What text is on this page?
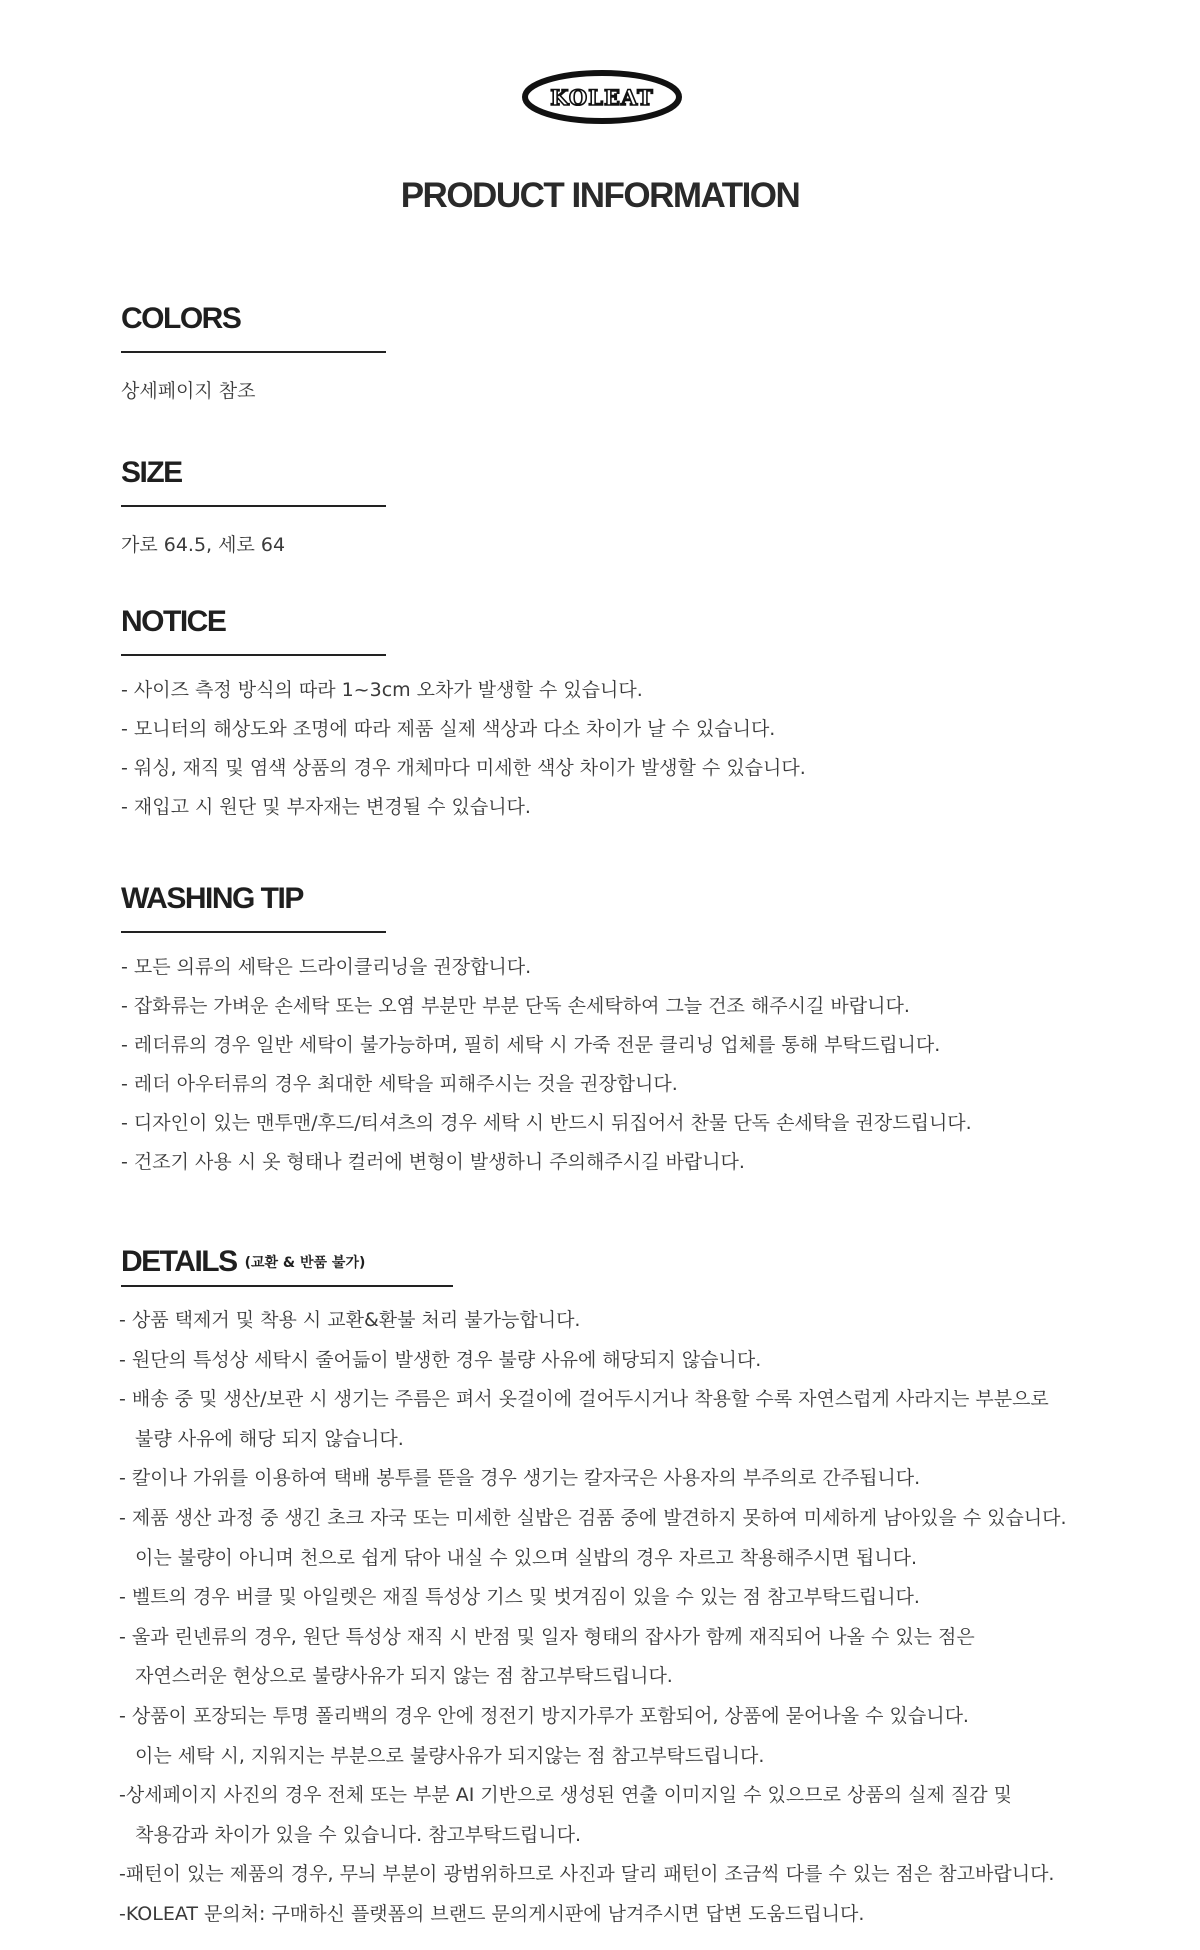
KOLEAT
PRODUCT INFORMATION
COLORS
상세페이지 참조
SIZE
가로 64.5, 세로 64
NOTICE
- 사이즈 측정 방식의 따라 1~3cm 오차가 발생할 수 있습니다.
- 모니터의 해상도와 조명에 따라 제품 실제 색상과 다소 차이가 날 수 있습니다.
- 워싱, 재직 및 염색 상품의 경우 개체마다 미세한 색상 차이가 발생할 수 있습니다.
- 재입고 시 원단 및 부자재는 변경될 수 있습니다.
WASHING TIP
- 모든 의류의 세탁은 드라이클리닝을 권장합니다.
- 잡화류는 가벼운 손세탁 또는 오염 부분만 부분 단독 손세탁하여 그늘 건조 해주시길 바랍니다.
- 레더류의 경우 일반 세탁이 불가능하며, 필히 세탁 시 가죽 전문 클리닝 업체를 통해 부탁드립니다.
- 레더 아우터류의 경우 최대한 세탁을 피해주시는 것을 권장합니다.
- 디자인이 있는 맨투맨/후드/티셔츠의 경우 세탁 시 반드시 뒤집어서 찬물 단독 손세탁을 권장드립니다.
- 건조기 사용 시 옷 형태나 컬러에 변형이 발생하니 주의해주시길 바랍니다.
DETAILS $^{(교환 \& 반품 불가)}$
- 상품 택제거 및 착용 시 교환&환불 처리 불가능합니다.
- 원단의 특성상 세탁시 줄어듦이 발생한 경우 불량 사유에 해당되지 않습니다.
- 배송 중 및 생산/보관 시 생기는 주름은 펴서 옷걸이에 걸어두시거나 착용할 수록 자연스럽게 사라지는 부분으로
불량 사유에 해당 되지 않습니다.
- 칼이나 가위를 이용하여 택배 봉투를 뜯을 경우 생기는 칼자국은 사용자의 부주의로 간주됩니다.
- 제품 생산 과정 중 생긴 초크 자국 또는 미세한 실밥은 검품 중에 발견하지 못하여 미세하게 남아있을 수 있습니다.
이는 불량이 아니며 천으로 쉽게 닦아 내실 수 있으며 실밥의 경우 자르고 착용해주시면 됩니다.
- 벨트의 경우 버클 및 아일렛은 재질 특성상 기스 및 벗겨짐이 있을 수 있는 점 참고부탁드립니다.
- 울과 린넨류의 경우, 원단 특성상 재직 시 반점 및 일자 형태의 잡사가 함께 재직되어 나올 수 있는 점은
자연스러운 현상으로 불량사유가 되지 않는 점 참고부탁드립니다.
- 상품이 포장되는 투명 폴리백의 경우 안에 정전기 방지가루가 포함되어, 상품에 묻어나올 수 있습니다.
이는 세탁 시, 지워지는 부분으로 불량사유가 되지않는 점 참고부탁드립니다.
-상세페이지 사진의 경우 전체 또는 부분 AI 기반으로 생성된 연출 이미지일 수 있으므로 상품의 실제 질감 및
착용감과 차이가 있을 수 있습니다. 참고부탁드립니다.
-패턴이 있는 제품의 경우, 무늬 부분이 광범위하므로 사진과 달리 패턴이 조금씩 다를 수 있는 점은 참고바랍니다.
-KOLEAT 문의처: 구매하신 플랫폼의 브랜드 문의게시판에 남겨주시면 답변 도움드립니다.
